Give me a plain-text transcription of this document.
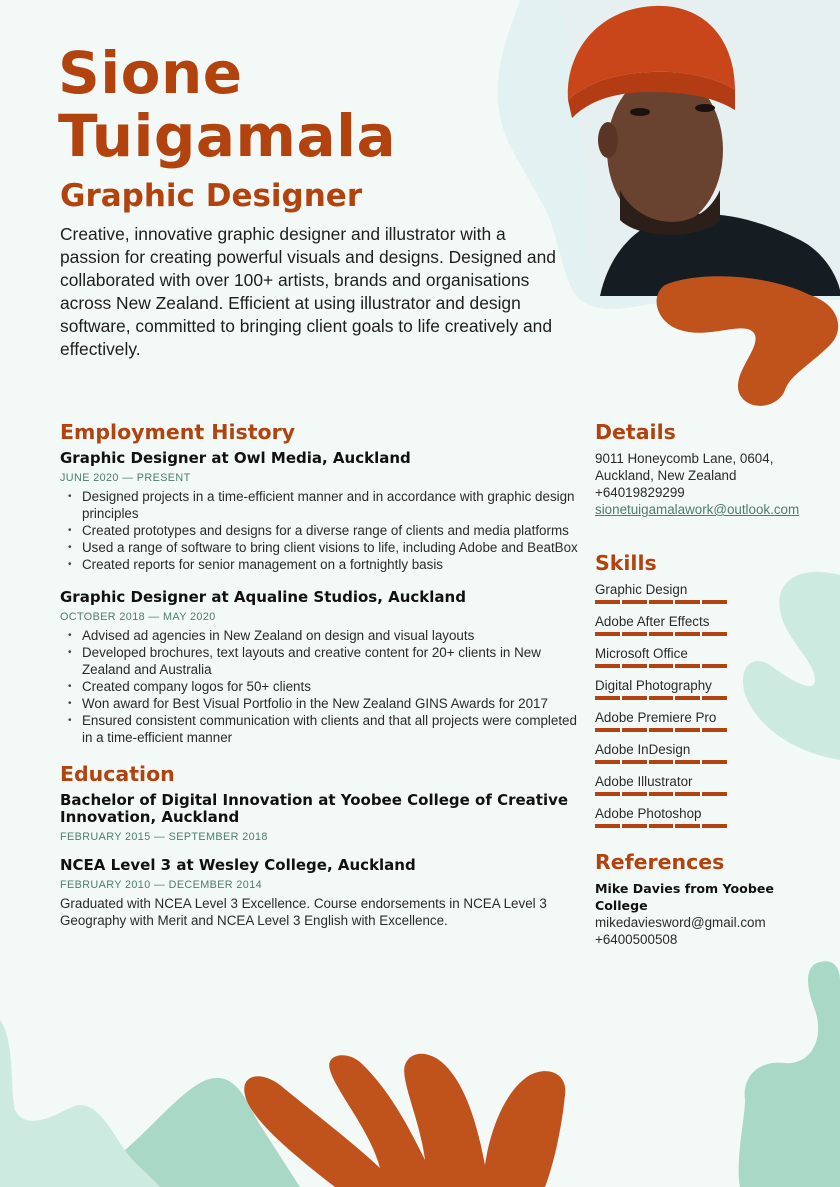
Sione
Tuigamala
Graphic Designer
Creative, innovative graphic designer and illustrator with a passion for creating powerful visuals and designs. Designed and collaborated with over 100+ artists, brands and organisations across New Zealand. Efficient at using illustrator and design software, committed to bringing client goals to life creatively and effectively.
Employment History
Graphic Designer at Owl Media, Auckland
JUNE 2020 — PRESENT
• Designed projects in a time-efficient manner and in accordance with graphic design principles
• Created prototypes and designs for a diverse range of clients and media platforms
• Used a range of software to bring client visions to life, including Adobe and BeatBox
• Created reports for senior management on a fortnightly basis
Graphic Designer at Aqualine Studios, Auckland
OCTOBER 2018 — MAY 2020
• Advised ad agencies in New Zealand on design and visual layouts
• Developed brochures, text layouts and creative content for 20+ clients in New Zealand and Australia
• Created company logos for 50+ clients
• Won award for Best Visual Portfolio in the New Zealand GINS Awards for 2017
• Ensured consistent communication with clients and that all projects were completed in a time-efficient manner
Education
Bachelor of Digital Innovation at Yoobee College of Creative Innovation, Auckland
FEBRUARY 2015 — SEPTEMBER 2018
NCEA Level 3 at Wesley College, Auckland
FEBRUARY 2010 — DECEMBER 2014
Graduated with NCEA Level 3 Excellence. Course endorsements in NCEA Level 3 Geography with Merit and NCEA Level 3 English with Excellence.
Details
9011 Honeycomb Lane, 0604,
Auckland, New Zealand
+64019829299
sionetuigamalawork@outlook.com
Skills
Graphic Design
Adobe After Effects
Microsoft Office
Digital Photography
Adobe Premiere Pro
Adobe InDesign
Adobe Illustrator
Adobe Photoshop
References
Mike Davies from Yoobee College
mikedaviesword@gmail.com
+6400500508
